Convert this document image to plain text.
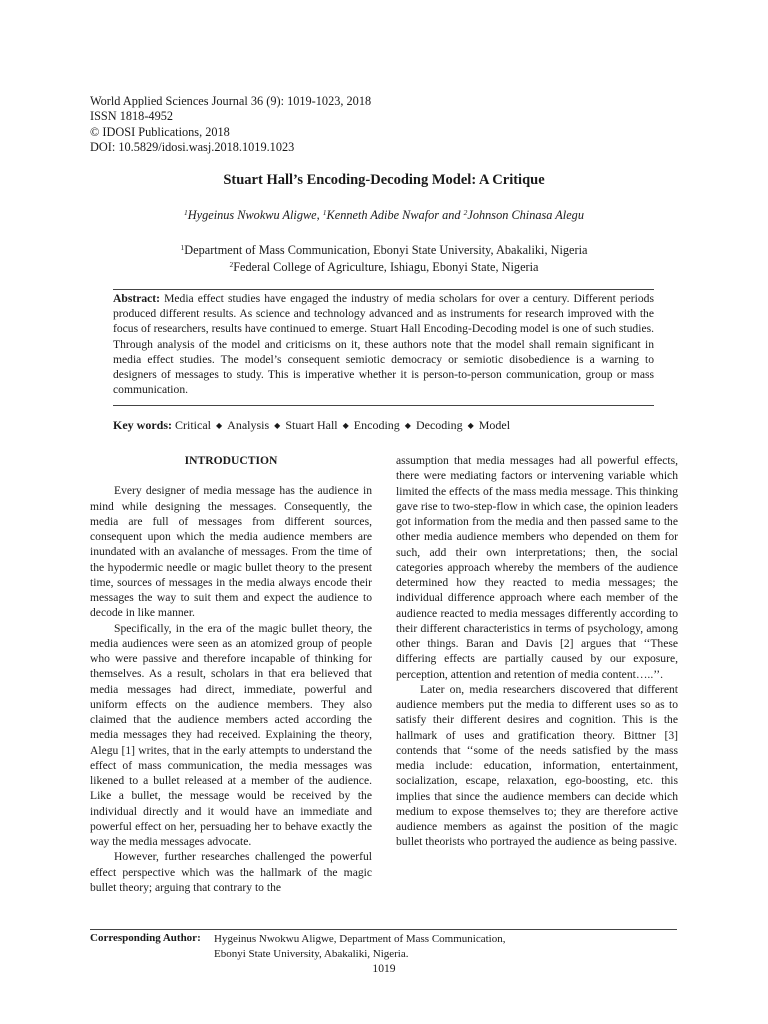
World Applied Sciences Journal 36 (9): 1019-1023, 2018
ISSN 1818-4952
© IDOSI Publications, 2018
DOI: 10.5829/idosi.wasj.2018.1019.1023
Stuart Hall’s Encoding-Decoding Model: A Critique
$^1$Hygeinus Nwokwu Aligwe, $^1$Kenneth Adibe Nwafor and $^2$Johnson Chinasa Alegu
$^1$Department of Mass Communication, Ebonyi State University, Abakaliki, Nigeria
$^2$Federal College of Agriculture, Ishiagu, Ebonyi State, Nigeria
Abstract: Media effect studies have engaged the industry of media scholars for over a century. Different periods produced different results. As science and technology advanced and as instruments for research improved with the focus of researchers, results have continued to emerge. Stuart Hall Encoding-Decoding model is one of such studies. Through analysis of the model and criticisms on it, these authors note that the model shall remain significant in media effect studies. The model’s consequent semiotic democracy or semiotic disobedience is a warning to designers of messages to study. This is imperative whether it is person-to-person communication, group or mass communication.
Key words: Critical ◆ Analysis ◆ Stuart Hall ◆ Encoding ◆ Decoding ◆ Model
INTRODUCTION

Every designer of media message has the audience in mind while designing the messages. Consequently, the media are full of messages from different sources, consequent upon which the media audience members are inundated with an avalanche of messages. From the time of the hypodermic needle or magic bullet theory to the present time, sources of messages in the media always encode their messages the way to suit them and expect the audience to decode in like manner.

Specifically, in the era of the magic bullet theory, the media audiences were seen as an atomized group of people who were passive and therefore incapable of thinking for themselves. As a result, scholars in that era believed that media messages had direct, immediate, powerful and uniform effects on the audience members. They also claimed that the audience members acted according the media messages they had received. Explaining the theory, Alegu [1] writes, that in the early attempts to understand the effect of mass communication, the media messages was likened to a bullet released at a member of the audience. Like a bullet, the message would be received by the individual directly and it would have an immediate and powerful effect on her, persuading her to behave exactly the way the media messages advocate.

However, further researches challenged the powerful effect perspective which was the hallmark of the magic bullet theory; arguing that contrary to the

assumption that media messages had all powerful effects, there were mediating factors or intervening variable which limited the effects of the mass media message. This thinking gave rise to two-step-flow in which case, the opinion leaders got information from the media and then passed same to the other media audience members who depended on them for such, add their own interpretations; then, the social categories approach whereby the members of the audience determined how they reacted to media messages; the individual difference approach where each member of the audience reacted to media messages differently according to their different characteristics in terms of psychology, among other things. Baran and Davis [2] argues that ‘‘These differing effects are partially caused by our exposure, perception, attention and retention of media content…..’’.

Later on, media researchers discovered that different audience members put the media to different uses so as to satisfy their different desires and cognition. This is the hallmark of uses and gratification theory. Bittner [3] contends that ‘‘some of the needs satisfied by the mass media include: education, information, entertainment, socialization, escape, relaxation, ego-boosting, etc. this implies that since the audience members can decide which medium to expose themselves to; they are therefore active audience members as against the position of the magic bullet theorists who portrayed the audience as being passive.

Corresponding Author: Hygeinus Nwokwu Aligwe, Department of Mass Communication,
Ebonyi State University, Abakaliki, Nigeria.
1019
